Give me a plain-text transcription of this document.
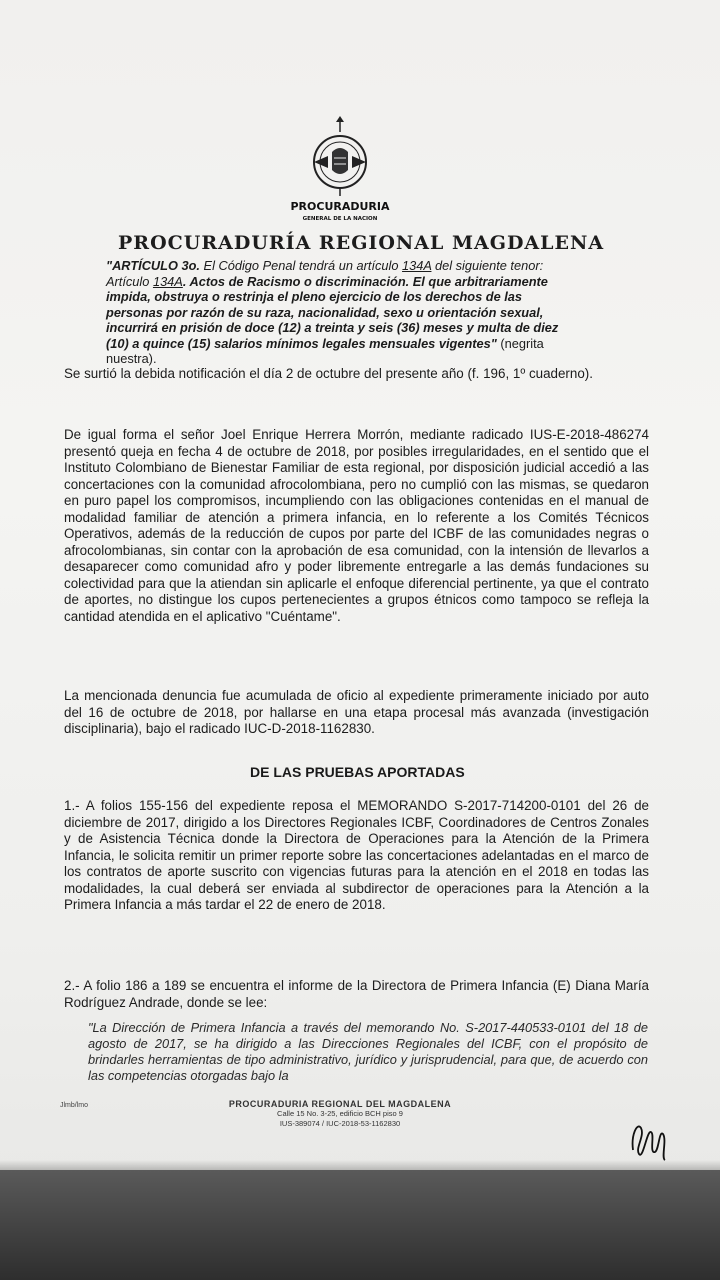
PROCURADURIA
GENERAL DE LA NACION
PROCURADURÍA REGIONAL MAGDALENA

"ARTÍCULO 3o. El Código Penal tendrá un artículo 134A del siguiente tenor: Artículo 134A. Actos de Racismo o discriminación. El que arbitrariamente impida, obstruya o restrinja el pleno ejercicio de los derechos de las personas por razón de su raza, nacionalidad, sexo u orientación sexual, incurrirá en prisión de doce (12) a treinta y seis (36) meses y multa de diez (10) a quince (15) salarios mínimos legales mensuales vigentes" (negrita nuestra).

Se surtió la debida notificación el día 2 de octubre del presente año (f. 196, 1º cuaderno).

De igual forma el señor Joel Enrique Herrera Morrón, mediante radicado IUS-E-2018-486274 presentó queja en fecha 4 de octubre de 2018, por posibles irregularidades, en el sentido que el Instituto Colombiano de Bienestar Familiar de esta regional, por disposición judicial accedió a las concertaciones con la comunidad afrocolombiana, pero no cumplió con las mismas, se quedaron en puro papel los compromisos, incumpliendo con las obligaciones contenidas en el manual de modalidad familiar de atención a primera infancia, en lo referente a los Comités Técnicos Operativos, además de la reducción de cupos por parte del ICBF de las comunidades negras o afrocolombianas, sin contar con la aprobación de esa comunidad, con la intensión de llevarlos a desaparecer como comunidad afro y poder libremente entregarle a las demás fundaciones su colectividad para que la atiendan sin aplicarle el enfoque diferencial pertinente, ya que el contrato de aportes, no distingue los cupos pertenecientes a grupos étnicos como tampoco se refleja la cantidad atendida en el aplicativo "Cuéntame".

La mencionada denuncia fue acumulada de oficio al expediente primeramente iniciado por auto del 16 de octubre de 2018, por hallarse en una etapa procesal más avanzada (investigación disciplinaria), bajo el radicado IUC-D-2018-1162830.

DE LAS PRUEBAS APORTADAS

1.- A folios 155-156 del expediente reposa el MEMORANDO S-2017-714200-0101 del 26 de diciembre de 2017, dirigido a los Directores Regionales ICBF, Coordinadores de Centros Zonales y de Asistencia Técnica donde la Directora de Operaciones para la Atención de la Primera Infancia, le solicita remitir un primer reporte sobre las concertaciones adelantadas en el marco de los contratos de aporte suscrito con vigencias futuras para la atención en el 2018 en todas las modalidades, la cual deberá ser enviada al subdirector de operaciones para la Atención a la Primera Infancia a más tardar el 22 de enero de 2018.

2.- A folio 186 a 189 se encuentra el informe de la Directora de Primera Infancia (E) Diana María Rodríguez Andrade, donde se lee:

"La Dirección de Primera Infancia a través del memorando No. S-2017-440533-0101 del 18 de agosto de 2017, se ha dirigido a las Direcciones Regionales del ICBF, con el propósito de brindarles herramientas de tipo administrativo, jurídico y jurisprudencial, para que, de acuerdo con las competencias otorgadas bajo la

Jlmb/lmo	PROCURADURIA REGIONAL DEL MAGDALENA
Calle 15 No. 3-25, edificio BCH piso 9
IUS-389074 / IUC-2018-53-1162830
